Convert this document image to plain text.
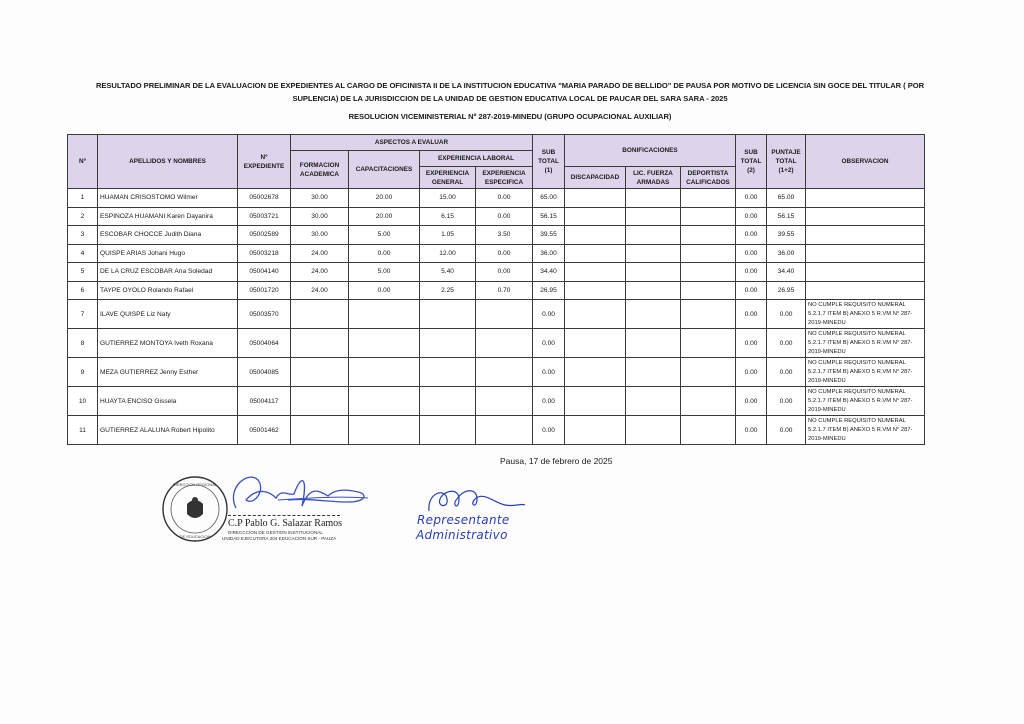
RESULTADO PRELIMINAR DE LA EVALUACION DE EXPEDIENTES AL CARGO DE OFICINISTA II DE LA INSTITUCION EDUCATIVA "MARIA PARADO DE BELLIDO" DE PAUSA POR MOTIVO DE LICENCIA SIN GOCE DEL TITULAR ( POR
SUPLENCIA) DE LA JURISDICCION DE LA UNIDAD DE GESTION EDUCATIVA LOCAL DE PAUCAR DEL SARA SARA - 2025
RESOLUCION VICEMINISTERIAL Nº 287-2019-MINEDU (GRUPO OCUPACIONAL AUXILIAR)
Nº	APELLIDOS Y NOMBRES	Nº EXPEDIENTE	ASPECTOS A EVALUAR				SUB TOTAL (1)	BONIFICACIONES			SUB TOTAL (2)	PUNTAJE TOTAL (1+2)	OBSERVACION
			FORMACION ACADEMICA	CAPACITACIONES	EXPERIENCIA LABORAL								
					EXPERIENCIA GENERAL	EXPERIENCIA ESPECIFICA		DISCAPACIDAD	LIC. FUERZA ARMADAS	DEPORTISTA CALIFICADOS			
1	HUAMAN CRISOSTOMO Wilmer	05002678	30.00	20.00	15.00	0.00	65.00				0.00	65.00	
2	ESPINOZA HUAMANI Karen Dayanira	05003721	30.00	20.00	6.15	0.00	56.15				0.00	56.15	
3	ESCOBAR CHOCCE Judith Diana	05002589	30.00	5.00	1.05	3.50	39.55				0.00	39.55	
4	QUISPE ARIAS Johani Hugo	05003218	24.00	0.00	12.00	0.00	36.00				0.00	36.00	
5	DE LA CRUZ ESCOBAR Ana Soledad	05004140	24.00	5.00	5.40	0.00	34.40				0.00	34.40	
6	TAYPE OYOLO Rolando Rafael	05001720	24.00	0.00	2.25	0.70	26.95				0.00	26.95	
7	ILAVE QUISPE Liz Naty	05003570					0.00				0.00	0.00	NO CUMPLE REQUISITO NUMERAL 5.2.1.7 ITEM B) ANEXO 5 R.VM N° 287-2019-MINEDU
8	GUTIERREZ MONTOYA Iveth Roxana	05004064					0.00				0.00	0.00	NO CUMPLE REQUISITO NUMERAL 5.2.1.7 ITEM B) ANEXO 5 R.VM N° 287-2019-MINEDU
9	MEZA GUTIERREZ Jenny Esther	05004085					0.00				0.00	0.00	NO CUMPLE REQUISITO NUMERAL 5.2.1.7 ITEM B) ANEXO 5 R.VM N° 287-2019-MINEDU
10	HUAYTA ENCISO Gissela	05004117					0.00				0.00	0.00	NO CUMPLE REQUISITO NUMERAL 5.2.1.7 ITEM B) ANEXO 5 R.VM N° 287-2019-MINEDU
11	GUTIERREZ ALALUNA Robert Hipolito	05001462					0.00				0.00	0.00	NO CUMPLE REQUISITO NUMERAL 5.2.1.7 ITEM B) ANEXO 5 R.VM N° 287-2019-MINEDU
Pausa, 17 de febrero de 2025
DIRECCION REGIONAL
DE EDUCACION
C.P Pablo G. Salazar Ramos
DIRECCCION DE GESTION INSTITUCIONAL
UNIDAD EJECUTORA 304 EDUCACION SUR - PAUZA
Representante
Administrativo
